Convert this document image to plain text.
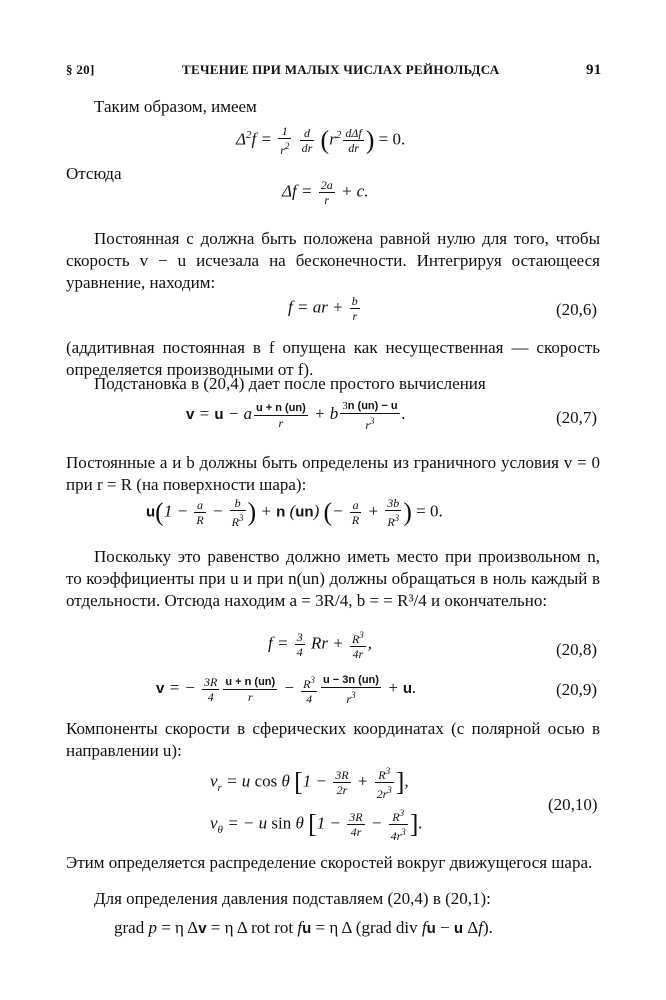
§ 20]	ТЕЧЕНИЕ ПРИ МАЛЫХ ЧИСЛАХ РЕЙНОЛЬДСА	91
Таким образом, имеем
$\Delta^2f = \frac{1}{r^2}$
$\frac{d}{dr} (r^2 \frac{\text{dΔf}}{dr}$ ) = 0.
Отсюда
$\Delta f = \frac{2a}{r} + c$.
Постоянная c должна быть положена равной нулю для того, чтобы скорость v − u исчезала на бесконечности. Интегрируя остающееся уравнение, находим:
f = ar + $\frac{b}{r}$	(20,6)
(аддитивная постоянная в f опущена как несущественная — скорость определяется производными от f).
Подстановка в (20,4) дает после простого вычисления
v = u − a $\frac{u + n (un)}{r} + b \frac{3n (un) - u}{r^3}$ .	(20,7)
Постоянные a и b должны быть определены из граничного условия v = 0 при r = R (на поверхности шара):
$u(1 - \frac{a}{R} - \frac{b}{R^3}$ ) + n (un) (− $\frac{a}{R} + \frac{3b}{R^3}$ ) = 0.
Поскольку это равенство должно иметь место при произвольном n, то коэффициенты при u и при n(un) должны обращаться в ноль каждый в отдельности. Отсюда находим a = 3R/4, b = = R³/4 и окончательно:
$f = \frac{3}{4}$ $Rr + \frac{R^3}{4r}$ ,	(20,8)
v = − $\frac{3R}{4} \frac{u + n (un)}{r} - \frac{R^3}{4} \frac{u - 3n (un)}{r^3} + u$.	(20,9)
Компоненты скорости в сферических координатах (с полярной осью в направлении u):
$v_r = u$ cos θ [$1 - \frac{3R}{2r} + \frac{R^3}{2r^3}$ ],
$v_\theta$ = − u sin θ [$1 - \frac{3R}{4r} - \frac{R^3}{4r^3}$ ].
(20,10)
Этим определяется распределение скоростей вокруг движущегося шара.
Для определения давления подставляем (20,4) в (20,1):
grad p = η Δv = η Δ rot rot fu = η Δ (grad div fu − u Δf).
